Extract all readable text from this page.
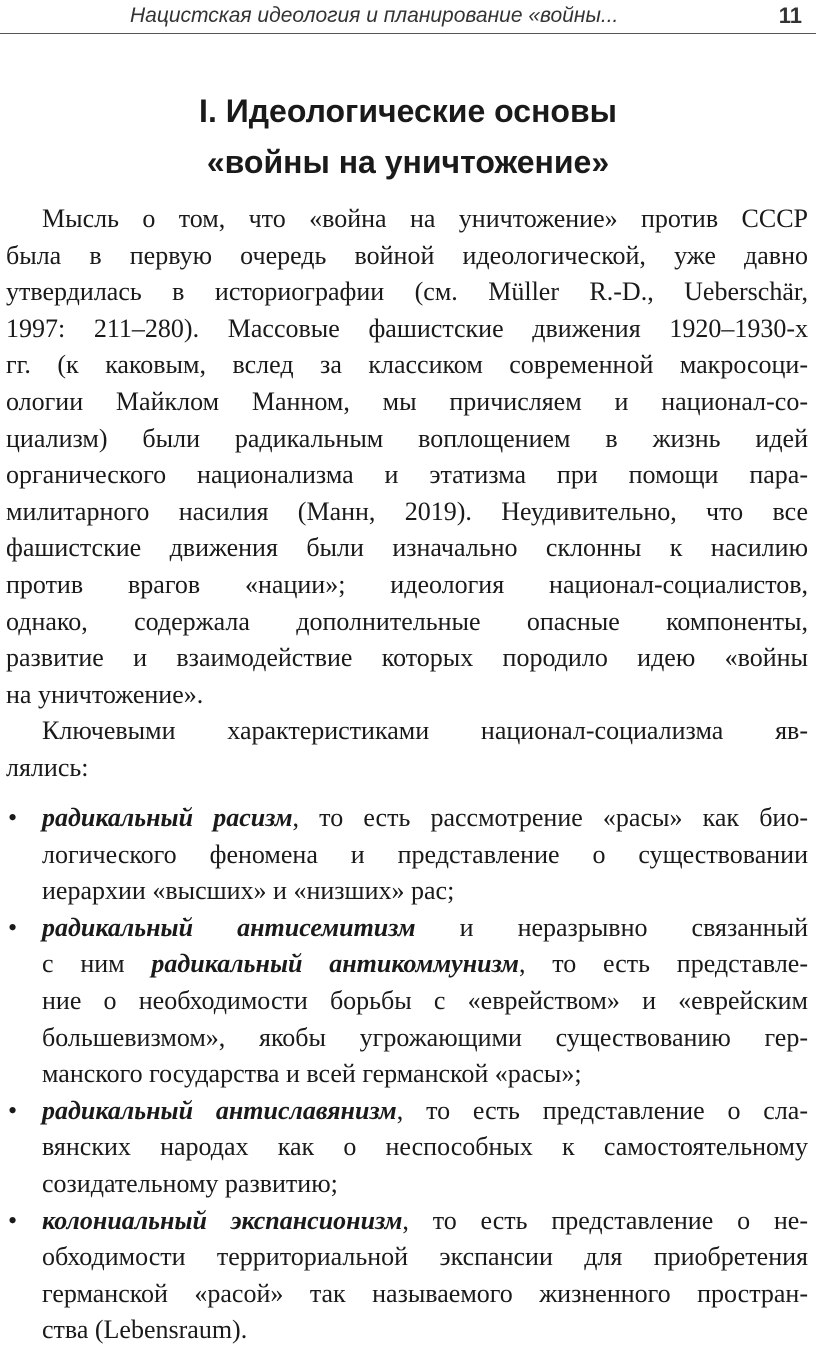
Нацистская идеология и планирование «войны...	11
I. Идеологические основы
«войны на уничтожение»
Мысль о том, что «война на уничтожение» против СССР
была в первую очередь войной идеологической, уже давно
утвердилась в историографии (см. Müller R.-D., Ueberschär,
1997: 211–280). Массовые фашистские движения 1920–1930-х
гг. (к каковым, вслед за классиком современной макросоци-
ологии Майклом Манном, мы причисляем и национал-со-
циализм) были радикальным воплощением в жизнь идей
органического национализма и этатизма при помощи пара-
милитарного насилия (Манн, 2019). Неудивительно, что все
фашистские движения были изначально склонны к насилию
против врагов «нации»; идеология национал-социалистов,
однако, содержала дополнительные опасные компоненты,
развитие и взаимодействие которых породило идею «войны
на уничтожение».
Ключевыми характеристиками национал-социализма яв-
лялись:
• радикальный расизм, то есть рассмотрение «расы» как био-
логического феномена и представление о существовании
иерархии «высших» и «низших» рас;
• радикальный антисемитизм и неразрывно связанный
с ним радикальный антикоммунизм, то есть представле-
ние о необходимости борьбы с «еврейством» и «еврейским
большевизмом», якобы угрожающими существованию гер-
манского государства и всей германской «расы»;
• радикальный антиславянизм, то есть представление о сла-
вянских народах как о неспособных к самостоятельному
созидательному развитию;
• колониальный экспансионизм, то есть представление о не-
обходимости территориальной экспансии для приобретения
германской «расой» так называемого жизненного простран-
ства (Lebensraum).
